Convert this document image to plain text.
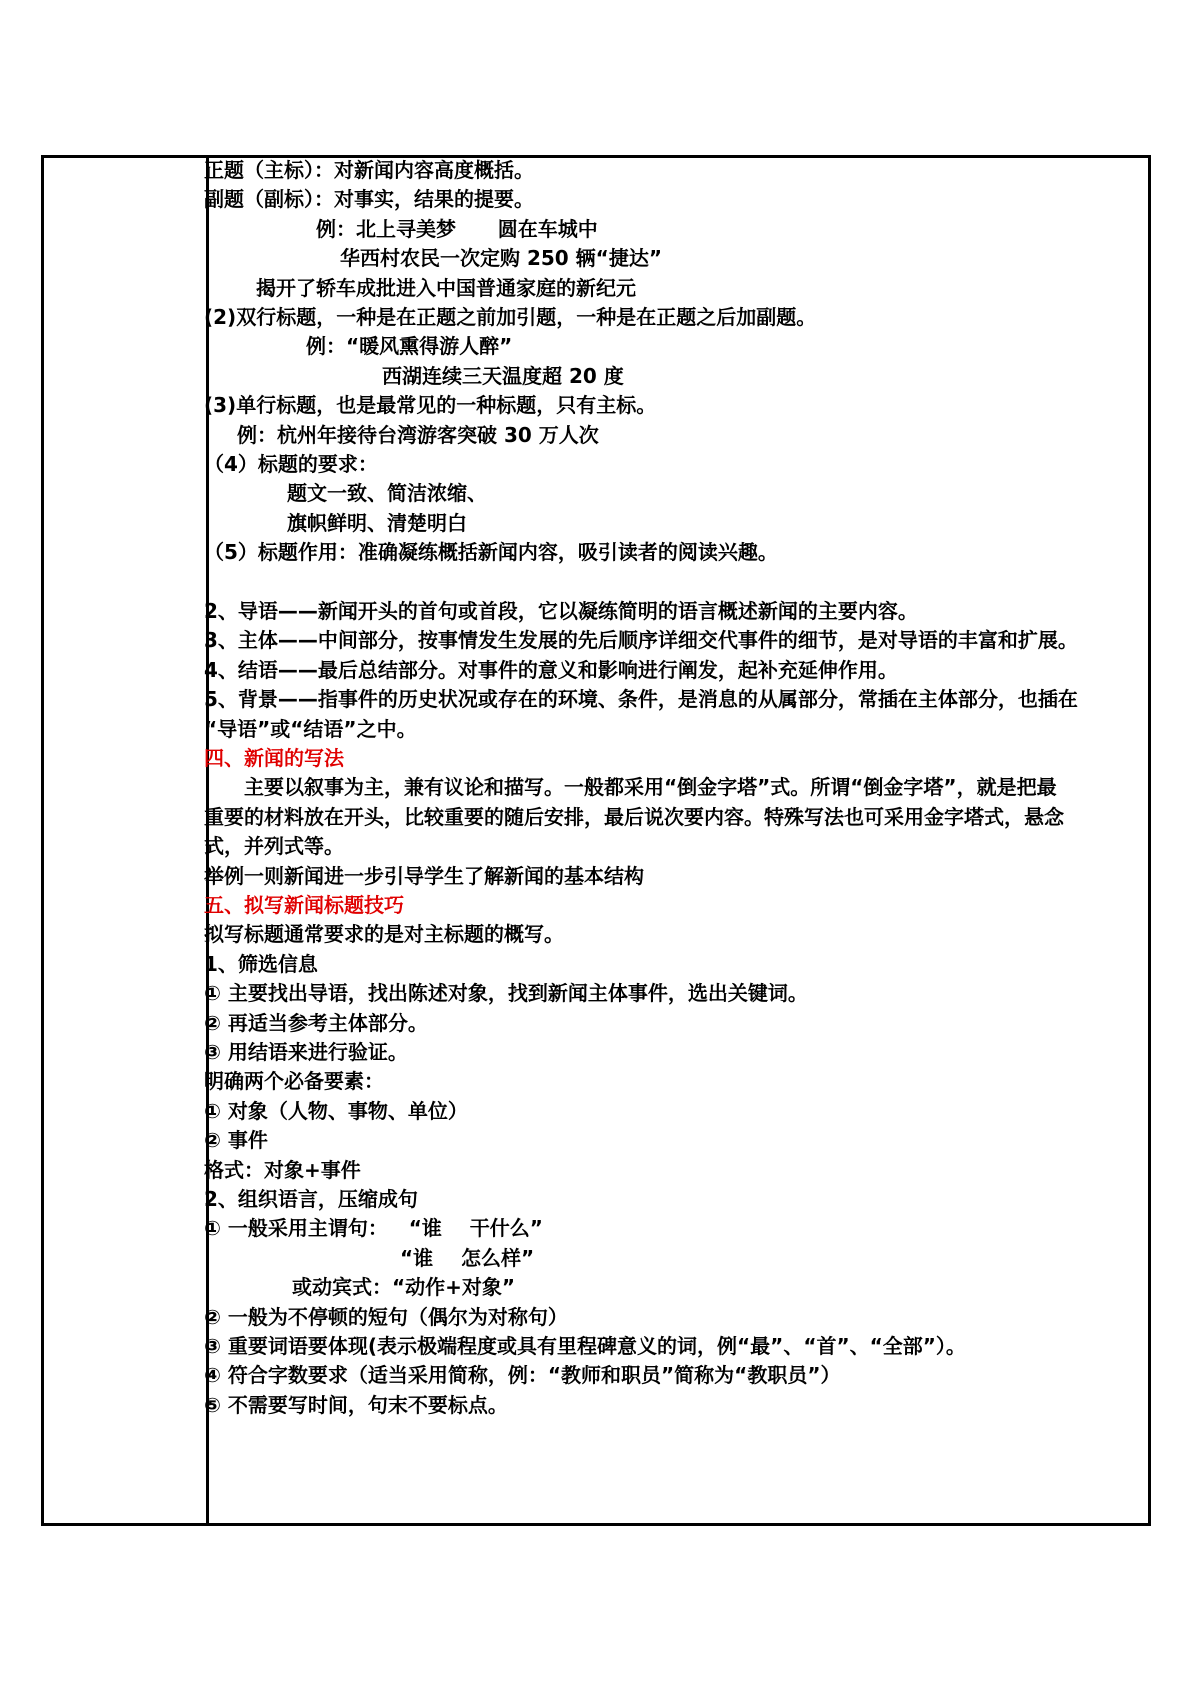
正题（主标）：对新闻内容高度概括。
副题（副标）：对事实，结果的提要。
例：北上寻美梦      圆在车城中
华西村农民一次定购 250 辆“捷达”
揭开了轿车成批进入中国普通家庭的新纪元
(2)双行标题，一种是在正题之前加引题，一种是在正题之后加副题。
例：“暖风熏得游人醉”
西湖连续三天温度超 20 度
(3)单行标题，也是最常见的一种标题，只有主标。
例：杭州年接待台湾游客突破 30 万人次
（4）标题的要求：
题文一致、简洁浓缩、
旗帜鲜明、清楚明白
（5）标题作用：准确凝练概括新闻内容，吸引读者的阅读兴趣。
2、导语——新闻开头的首句或首段，它以凝练简明的语言概述新闻的主要内容。
3、主体——中间部分，按事情发生发展的先后顺序详细交代事件的细节，是对导语的丰富和扩展。
4、结语——最后总结部分。对事件的意义和影响进行阐发，起补充延伸作用。
5、背景——指事件的历史状况或存在的环境、条件，是消息的从属部分，常插在主体部分，也插在
“导语”或“结语”之中。
四、新闻的写法
主要以叙事为主，兼有议论和描写。一般都采用“倒金字塔”式。所谓“倒金字塔”，就是把最
重要的材料放在开头，比较重要的随后安排，最后说次要内容。特殊写法也可采用金字塔式，悬念
式，并列式等。
举例一则新闻进一步引导学生了解新闻的基本结构
五、拟写新闻标题技巧
拟写标题通常要求的是对主标题的概写。
1、筛选信息
① 主要找出导语，找出陈述对象，找到新闻主体事件，选出关键词。
② 再适当参考主体部分。
③ 用结语来进行验证。
明确两个必备要素：
① 对象（人物、事物、单位）
② 事件
格式：对象+事件
2、组织语言，压缩成句
① 一般采用主谓句：   “谁    干什么”
“谁    怎么样”
或动宾式：“动作+对象”
② 一般为不停顿的短句（偶尔为对称句）
③ 重要词语要体现(表示极端程度或具有里程碑意义的词，例“最”、“首”、“全部”）。
④ 符合字数要求（适当采用简称，例：“教师和职员”简称为“教职员”）
⑤ 不需要写时间，句末不要标点。
